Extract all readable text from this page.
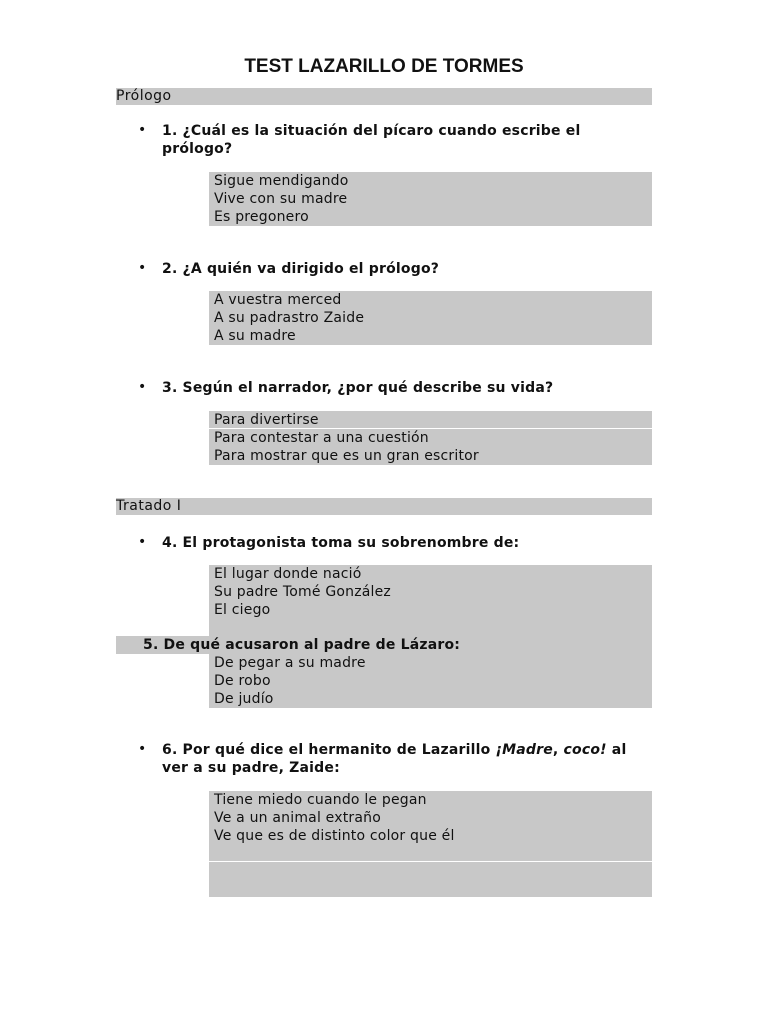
TEST LAZARILLO DE TORMES
Prólogo
• 1. ¿Cuál es la situación del pícaro cuando escribe el prólogo?
Sigue mendigando
Vive con su madre
Es pregonero
• 2. ¿A quién va dirigido el prólogo?
A vuestra merced
A su padrastro Zaide
A su madre
• 3. Según el narrador, ¿por qué describe su vida?
Para divertirse
Para contestar a una cuestión
Para mostrar que es un gran escritor
Tratado I
• 4. El protagonista toma su sobrenombre de:
El lugar donde nació
Su padre Tomé González
El ciego
De pegar a su madre
De robo
De judío
5. De qué acusaron al padre de Lázaro:
• 6. Por qué dice el hermanito de Lazarillo ¡Madre, coco! al ver a su padre, Zaide:
Tiene miedo cuando le pegan
Ve a un animal extraño
Ve que es de distinto color que él
